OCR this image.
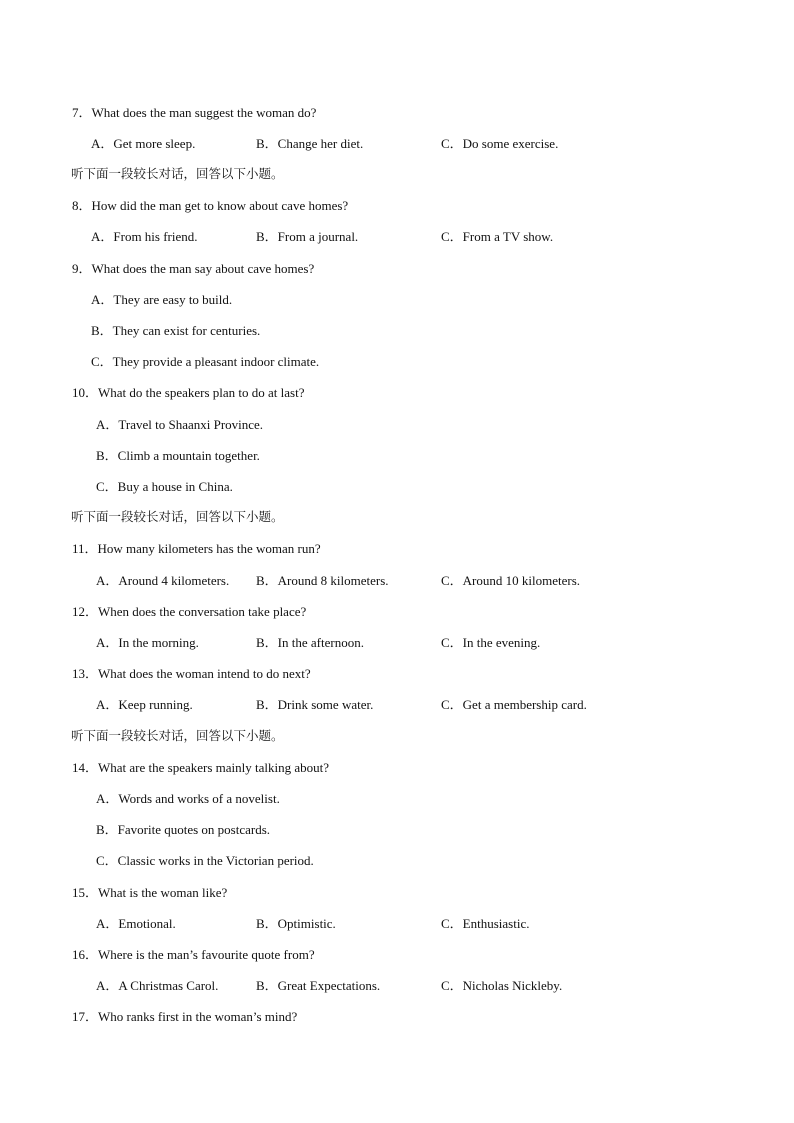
7．What does the man suggest the woman do?
A．Get more sleep.	B．Change her diet.	C．Do some exercise.
听下面一段较长对话，回答以下小题。
8．How did the man get to know about cave homes?
A．From his friend.	B．From a journal.	C．From a TV show.
9．What does the man say about cave homes?
A．They are easy to build.
B．They can exist for centuries.
C．They provide a pleasant indoor climate.
10．What do the speakers plan to do at last?
A．Travel to Shaanxi Province.
B．Climb a mountain together.
C．Buy a house in China.
听下面一段较长对话，回答以下小题。
11．How many kilometers has the woman run?
A．Around 4 kilometers. B．Around 8 kilometers.	C．Around 10 kilometers.
12．When does the conversation take place?
A．In the morning.	B．In the afternoon.	C．In the evening.
13．What does the woman intend to do next?
A．Keep running.	B．Drink some water.	C．Get a membership card.
听下面一段较长对话，回答以下小题。
14．What are the speakers mainly talking about?
A．Words and works of a novelist.
B．Favorite quotes on postcards.
C．Classic works in the Victorian period.
15．What is the woman like?
A．Emotional.	B．Optimistic.	C．Enthusiastic.
16．Where is the man’s favourite quote from?
A．A Christmas Carol.	B．Great Expectations.	C．Nicholas Nickleby.
17．Who ranks first in the woman’s mind?
